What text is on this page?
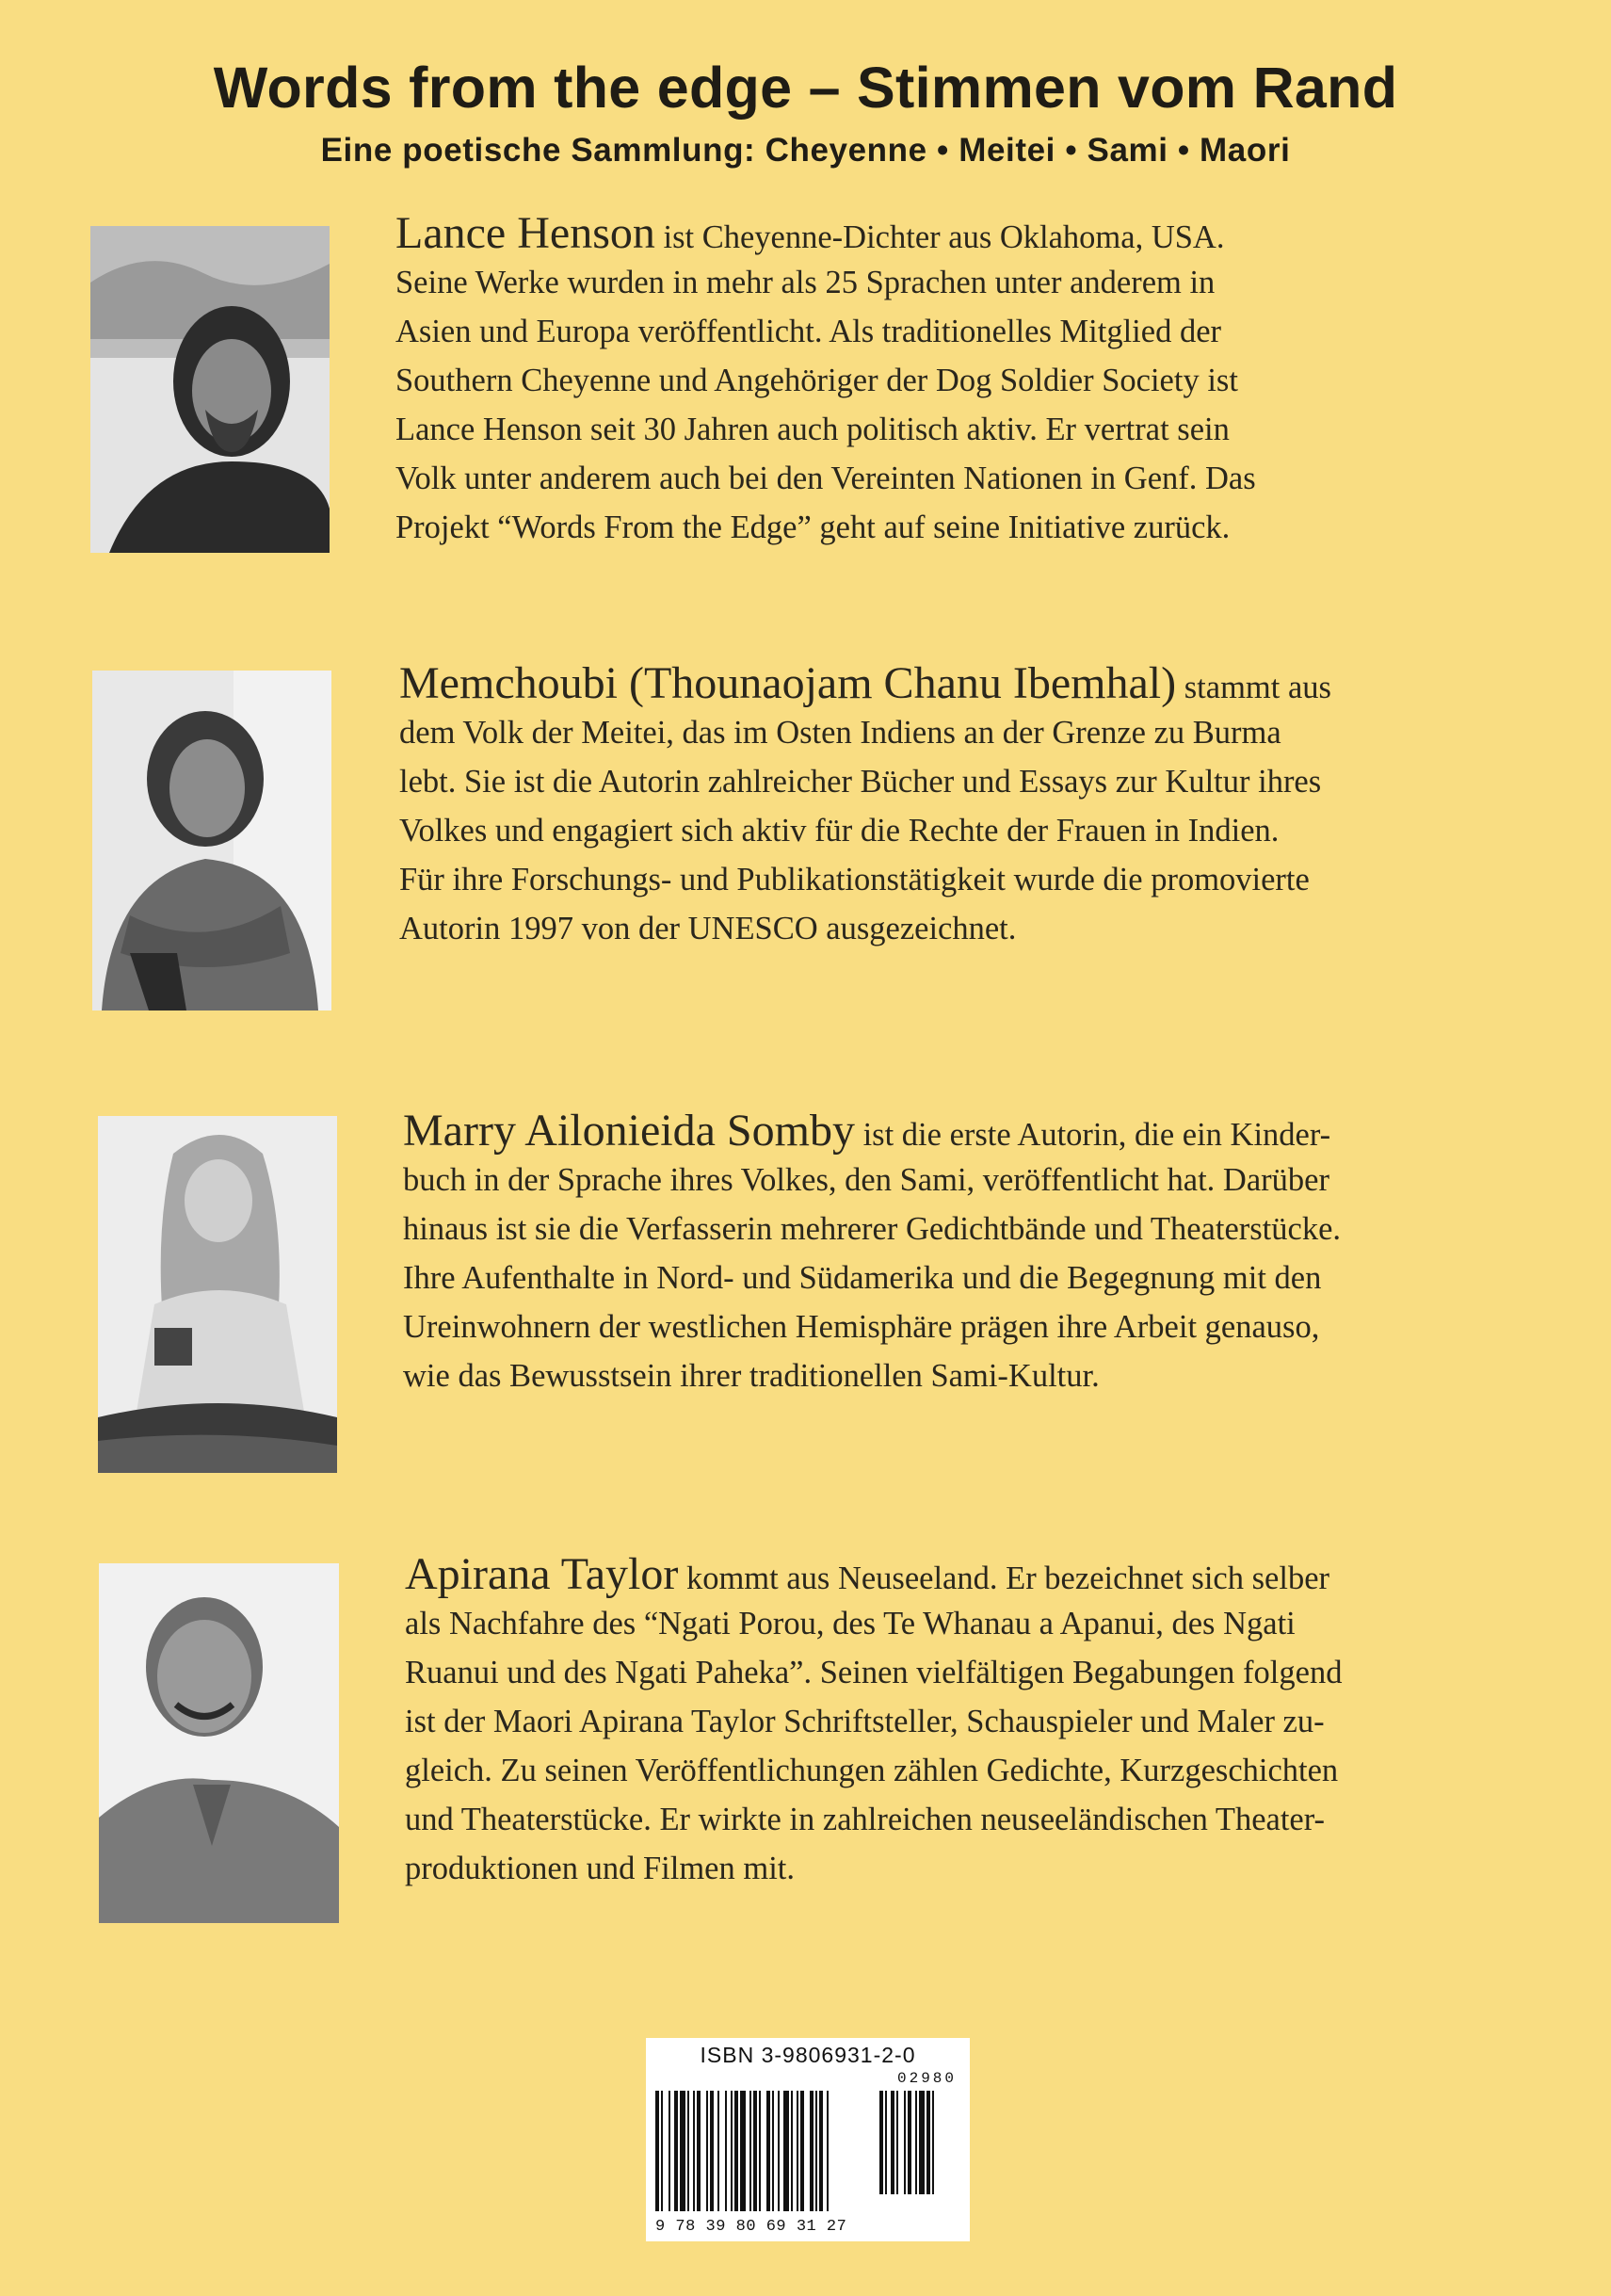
Words from the edge – Stimmen vom Rand
Eine poetische Sammlung: Cheyenne • Meitei • Sami • Maori
Lance Henson ist Cheyenne-Dichter aus Oklahoma, USA.
Seine Werke wurden in mehr als 25 Sprachen unter anderem in
Asien und Europa veröffentlicht. Als traditionelles Mitglied der
Southern Cheyenne und Angehöriger der Dog Soldier Society ist
Lance Henson seit 30 Jahren auch politisch aktiv. Er vertrat sein
Volk unter anderem auch bei den Vereinten Nationen in Genf. Das
Projekt “Words From the Edge” geht auf seine Initiative zurück.
Memchoubi (Thounaojam Chanu Ibemhal) stammt aus
dem Volk der Meitei, das im Osten Indiens an der Grenze zu Burma
lebt. Sie ist die Autorin zahlreicher Bücher und Essays zur Kultur ihres
Volkes und engagiert sich aktiv für die Rechte der Frauen in Indien.
Für ihre Forschungs- und Publikationstätigkeit wurde die promovierte
Autorin 1997 von der UNESCO ausgezeichnet.
Marry Ailonieida Somby ist die erste Autorin, die ein Kinder-
buch in der Sprache ihres Volkes, den Sami, veröffentlicht hat. Darüber
hinaus ist sie die Verfasserin mehrerer Gedichtbände und Theaterstücke.
Ihre Aufenthalte in Nord- und Südamerika und die Begegnung mit den
Ureinwohnern der westlichen Hemisphäre prägen ihre Arbeit genauso,
wie das Bewusstsein ihrer traditionellen Sami-Kultur.
Apirana Taylor kommt aus Neuseeland. Er bezeichnet sich selber
als Nachfahre des “Ngati Porou, des Te Whanau a Apanui, des Ngati
Ruanui und des Ngati Paheka”. Seinen vielfältigen Begabungen folgend
ist der Maori Apirana Taylor Schriftsteller, Schauspieler und Maler zu-
gleich. Zu seinen Veröffentlichungen zählen Gedichte, Kurzgeschichten
und Theaterstücke. Er wirkte in zahlreichen neuseeländischen Theater-
produktionen und Filmen mit.
ISBN 3-9806931-2-0
02980
9 78 39 80 69 31 27
